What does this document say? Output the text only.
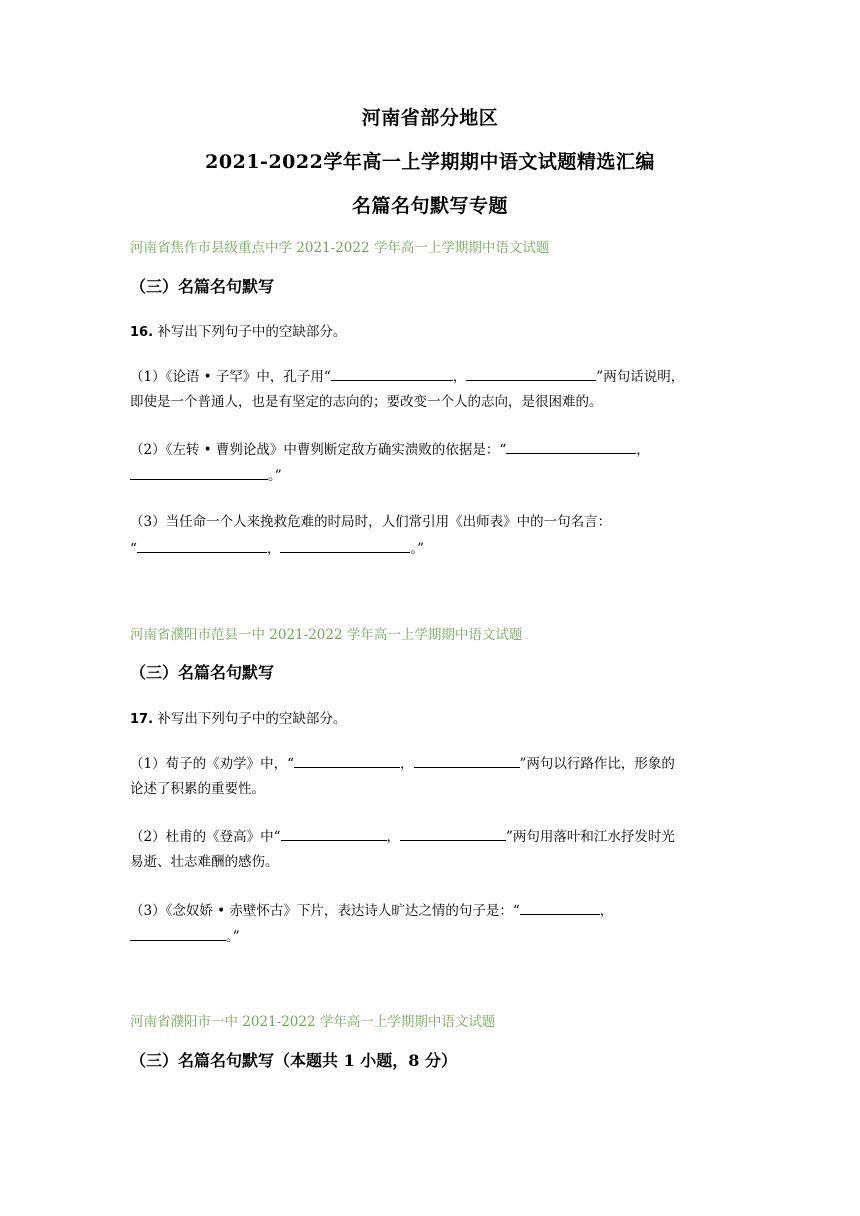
河南省部分地区
2021-2022学年高一上学期期中语文试题精选汇编
名篇名句默写专题
河南省焦作市县级重点中学 2021-2022 学年高一上学期期中语文试题
（三）名篇名句默写
16. 补写出下列句子中的空缺部分。
（1）《论语 • 子罕》中，孔子用“	，	”两句话说明，
即使是一个普通人，也是有坚定的志向的；要改变一个人的志向，是很困难的。
（2）《左转 • 曹刿论战》中曹刿断定敌方确实溃败的依据是：“	，
。”
（3）当任命一个人来挽救危难的时局时，人们常引用《出师表》中的一句名言：
“	，	。”
河南省濮阳市范县一中 2021-2022 学年高一上学期期中语文试题
（三）名篇名句默写
17. 补写出下列句子中的空缺部分。
（1）荀子的《劝学》中，“	，	”两句以行路作比，形象的
论述了积累的重要性。
（2）杜甫的《登高》中“	，	”两句用落叶和江水抒发时光
易逝、壮志难酬的感伤。
（3）《念奴娇 • 赤壁怀古》下片，表达诗人旷达之情的句子是：“	，
。”
河南省濮阳市一中 2021-2022 学年高一上学期期中语文试题
（三）名篇名句默写（本题共 1 小题，8 分）
